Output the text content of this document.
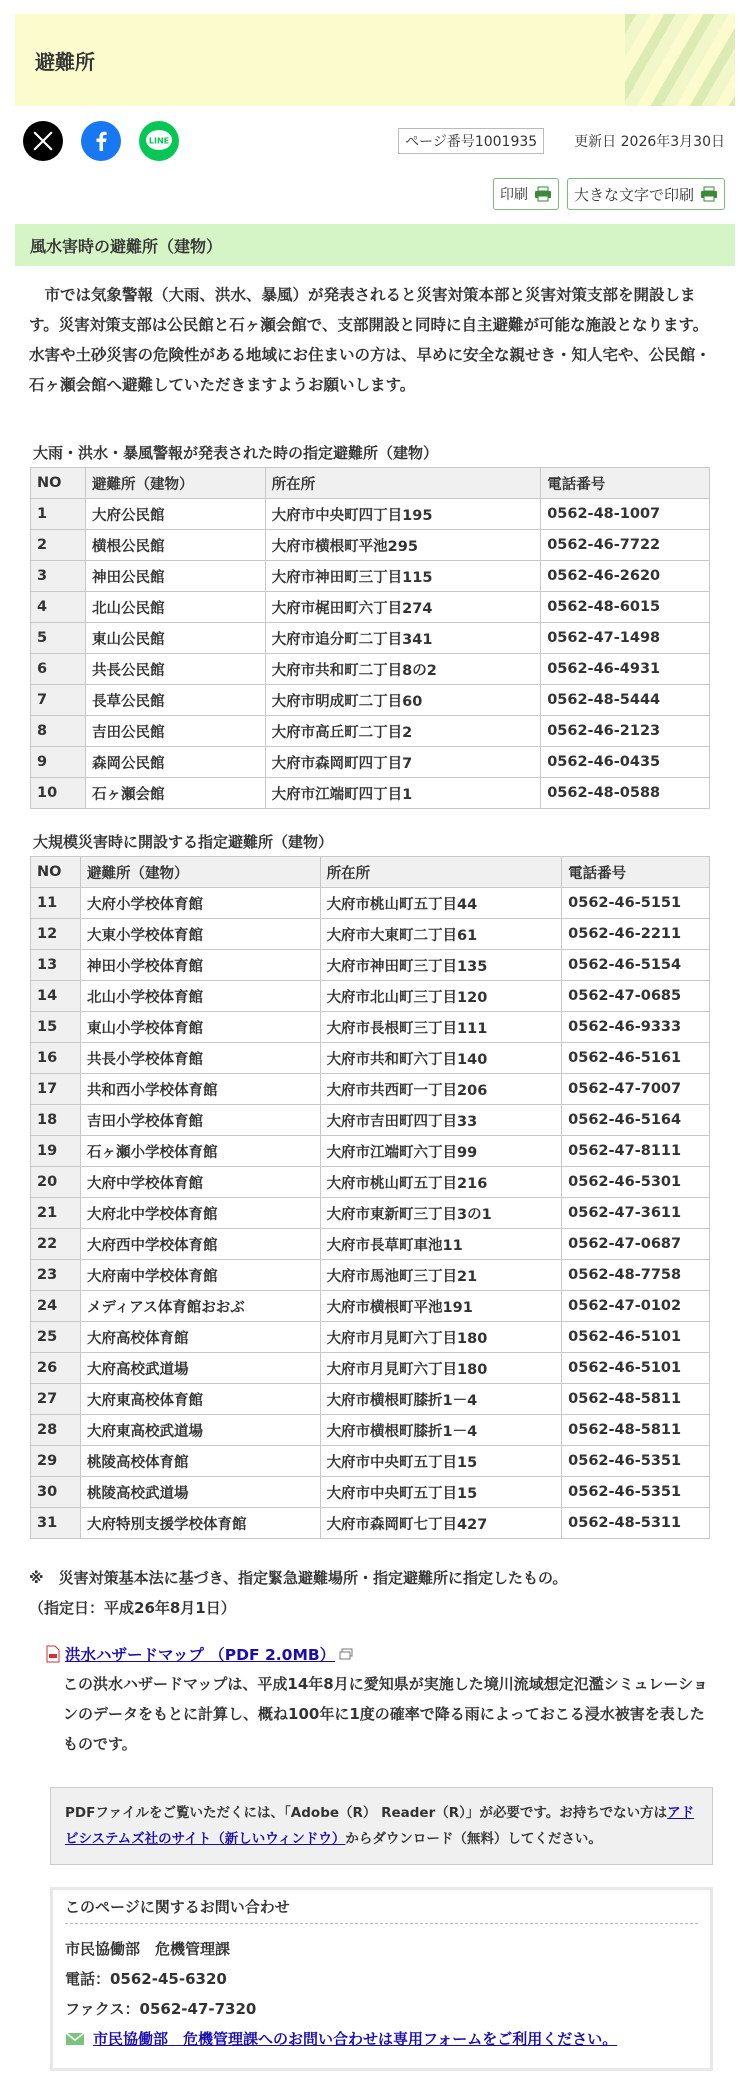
避難所
LINE	ページ番号1001935	更新日 2026年3月30日
印刷	大きな文字で印刷
風水害時の避難所（建物）

市では気象警報（大雨、洪水、暴風）が発表されると災害対策本部と災害対策支部を開設します。災害対策支部は公民館と石ヶ瀬会館で、支部開設と同時に自主避難が可能な施設となります。水害や土砂災害の危険性がある地域にお住まいの方は、早めに安全な親せき・知人宅や、公民館・石ヶ瀬会館へ避難していただきますようお願いします。

大雨・洪水・暴風警報が発表された時の指定避難所（建物）
NO	避難所（建物）	所在所	電話番号
1	大府公民館	大府市中央町四丁目195	0562-48-1007
2	横根公民館	大府市横根町平池295	0562-46-7722
3	神田公民館	大府市神田町三丁目115	0562-46-2620
4	北山公民館	大府市梶田町六丁目274	0562-48-6015
5	東山公民館	大府市追分町二丁目341	0562-47-1498
6	共長公民館	大府市共和町二丁目8の2	0562-46-4931
7	長草公民館	大府市明成町二丁目60	0562-48-5444
8	吉田公民館	大府市高丘町二丁目2	0562-46-2123
9	森岡公民館	大府市森岡町四丁目7	0562-46-0435
10	石ヶ瀬会館	大府市江端町四丁目1	0562-48-0588
大規模災害時に開設する指定避難所（建物）
NO	避難所（建物）	所在所	電話番号
11	大府小学校体育館	大府市桃山町五丁目44	0562-46-5151
12	大東小学校体育館	大府市大東町二丁目61	0562-46-2211
13	神田小学校体育館	大府市神田町三丁目135	0562-46-5154
14	北山小学校体育館	大府市北山町三丁目120	0562-47-0685
15	東山小学校体育館	大府市長根町三丁目111	0562-46-9333
16	共長小学校体育館	大府市共和町六丁目140	0562-46-5161
17	共和西小学校体育館	大府市共西町一丁目206	0562-47-7007
18	吉田小学校体育館	大府市吉田町四丁目33	0562-46-5164
19	石ヶ瀬小学校体育館	大府市江端町六丁目99	0562-47-8111
20	大府中学校体育館	大府市桃山町五丁目216	0562-46-5301
21	大府北中学校体育館	大府市東新町三丁目3の1	0562-47-3611
22	大府西中学校体育館	大府市長草町車池11	0562-47-0687
23	大府南中学校体育館	大府市馬池町三丁目21	0562-48-7758
24	メディアス体育館おおぶ	大府市横根町平池191	0562-47-0102
25	大府高校体育館	大府市月見町六丁目180	0562-46-5101
26	大府高校武道場	大府市月見町六丁目180	0562-46-5101
27	大府東高校体育館	大府市横根町膝折1－4	0562-48-5811
28	大府東高校武道場	大府市横根町膝折1－4	0562-48-5811
29	桃陵高校体育館	大府市中央町五丁目15	0562-46-5351
30	桃陵高校武道場	大府市中央町五丁目15	0562-46-5351
31	大府特別支援学校体育館	大府市森岡町七丁目427	0562-48-5311
※　災害対策基本法に基づき、指定緊急避難場所・指定避難所に指定したもの。
（指定日：平成26年8月1日）
洪水ハザードマップ （PDF 2.0MB）

この洪水ハザードマップは、平成14年8月に愛知県が実施した境川流域想定氾濫シミュレーションのデータをもとに計算し、概ね100年に1度の確率で降る雨によっておこる浸水被害を表したものです。

PDFファイルをご覧いただくには、「Adobe（R） Reader（R）」が必要です。お持ちでない方はアドビシステムズ社のサイト（新しいウィンドウ）からダウンロード（無料）してください。
このページに関するお問い合わせ
市民協働部　危機管理課
電話：0562-45-6320
ファクス：0562-47-7320
市民協働部　危機管理課へのお問い合わせは専用フォームをご利用ください。
